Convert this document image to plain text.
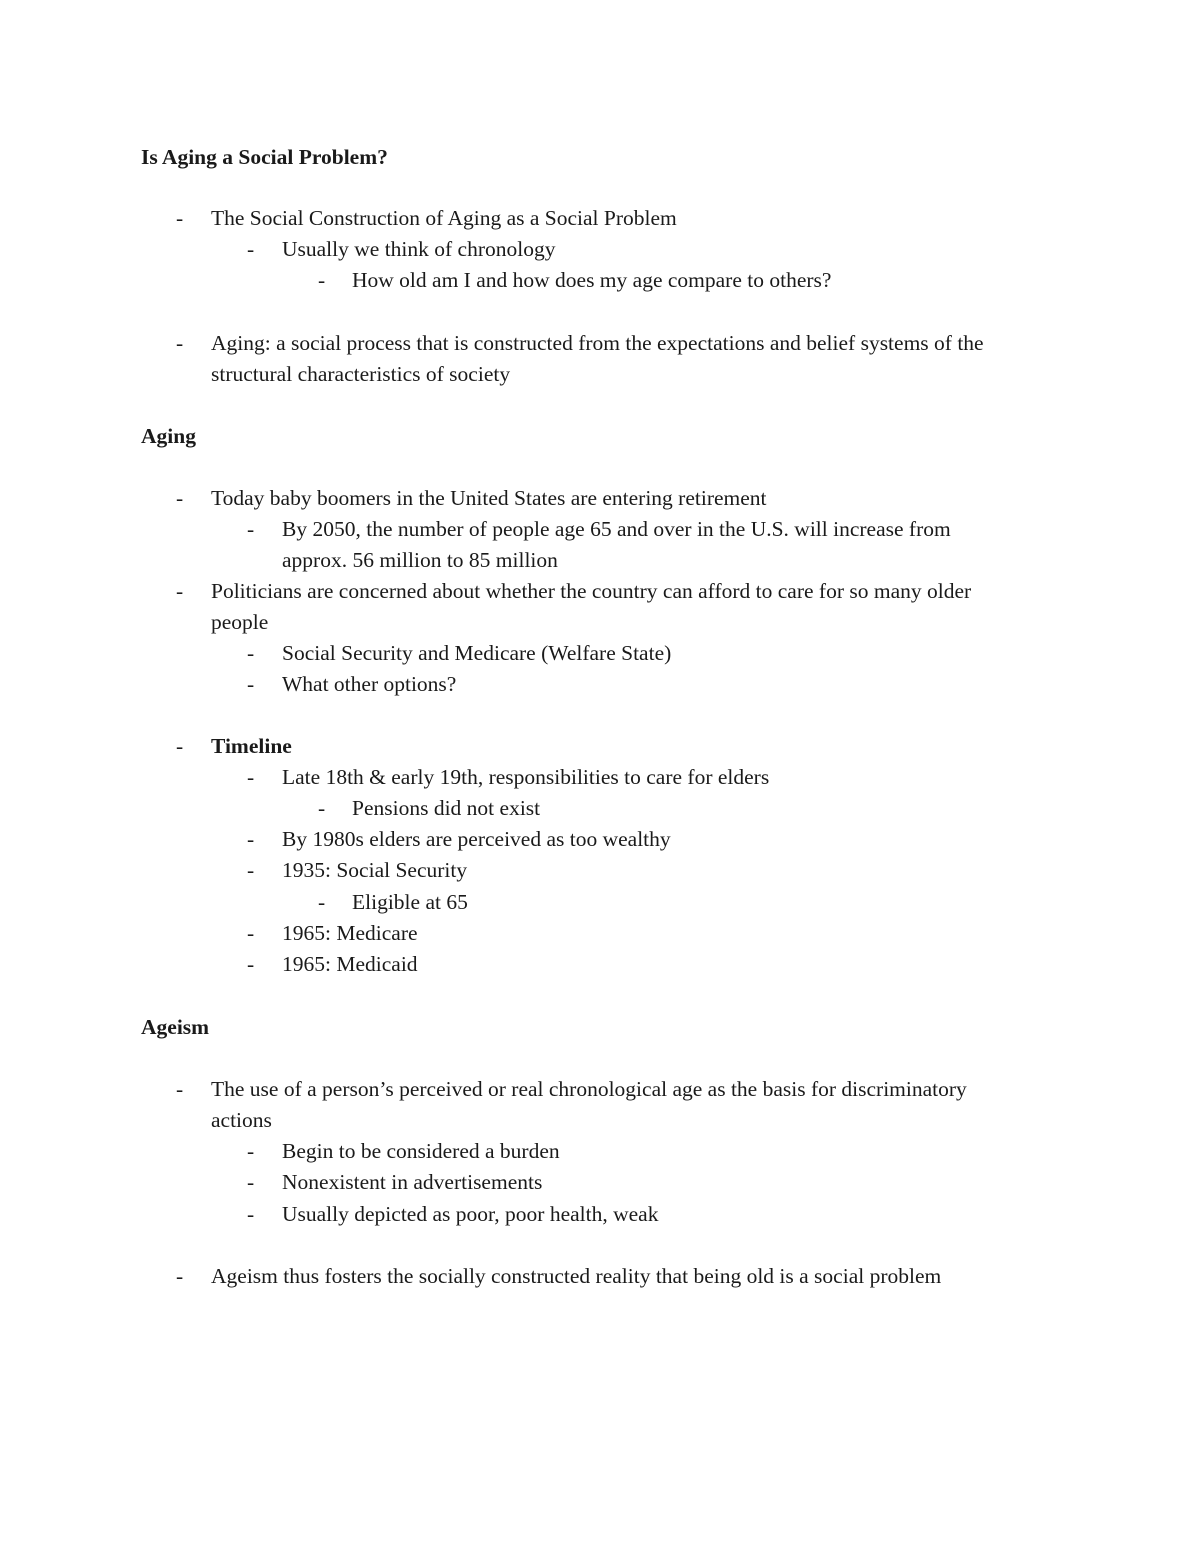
Is Aging a Social Problem?
- The Social Construction of Aging as a Social Problem
- Usually we think of chronology
- How old am I and how does my age compare to others?
- Aging: a social process that is constructed from the expectations and belief systems of the
structural characteristics of society
Aging
- Today baby boomers in the United States are entering retirement
- By 2050, the number of people age 65 and over in the U.S. will increase from
approx. 56 million to 85 million
- Politicians are concerned about whether the country can afford to care for so many older
people
- Social Security and Medicare (Welfare State)
- What other options?
- Timeline
- Late 18th & early 19th, responsibilities to care for elders
- Pensions did not exist
- By 1980s elders are perceived as too wealthy
- 1935: Social Security
- Eligible at 65
- 1965: Medicare
- 1965: Medicaid
Ageism
- The use of a person’s perceived or real chronological age as the basis for discriminatory
actions
- Begin to be considered a burden
- Nonexistent in advertisements
- Usually depicted as poor, poor health, weak
- Ageism thus fosters the socially constructed reality that being old is a social problem
